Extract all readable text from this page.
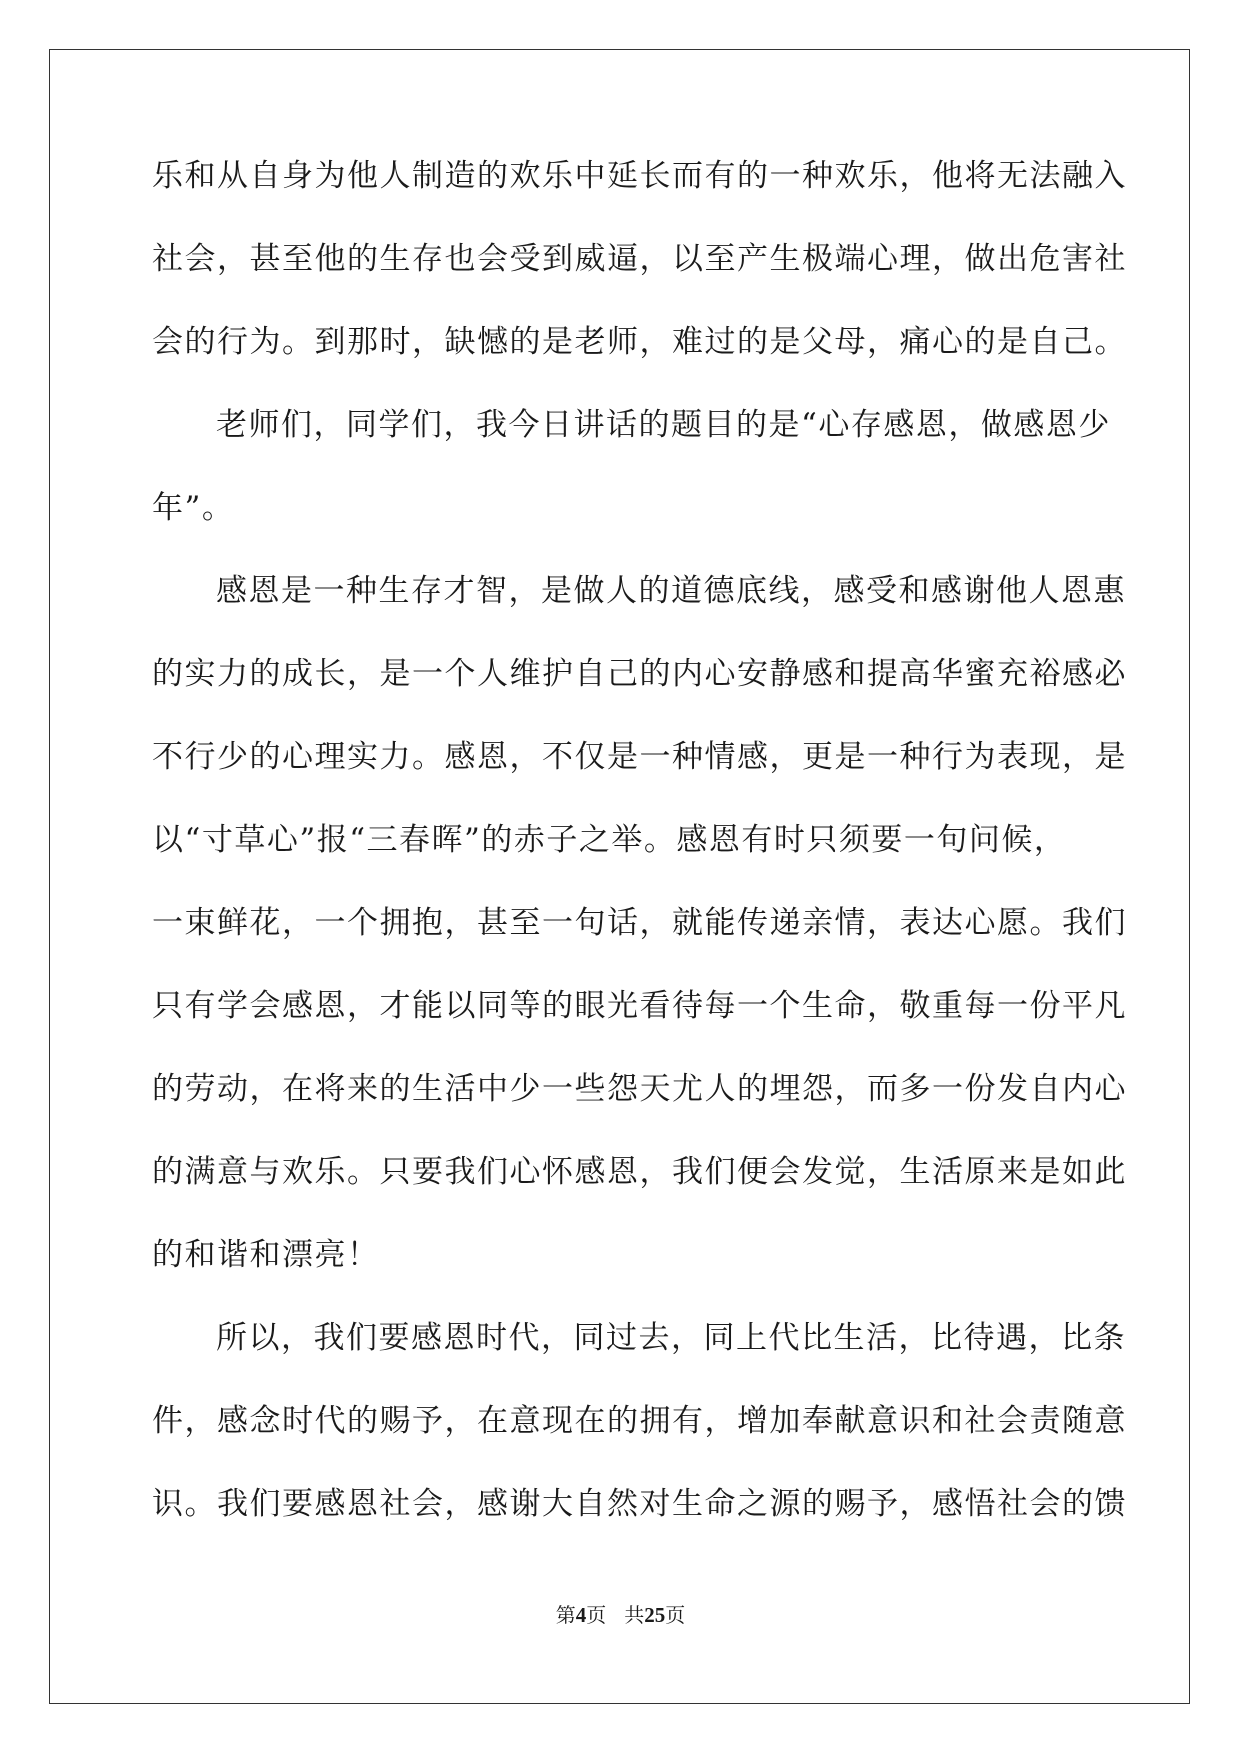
乐和从自身为他人制造的欢乐中延长而有的一种欢乐，他将无法融入
社会，甚至他的生存也会受到威逼，以至产生极端心理，做出危害社
会的行为。到那时，缺憾的是老师，难过的是父母，痛心的是自己。
老师们，同学们，我今日讲话的题目的是“心存感恩，做感恩少
年”。
感恩是一种生存才智，是做人的道德底线，感受和感谢他人恩惠
的实力的成长，是一个人维护自己的内心安静感和提高华蜜充裕感必
不行少的心理实力。感恩，不仅是一种情感，更是一种行为表现，是
以“寸草心”报“三春晖”的赤子之举。感恩有时只须要一句问候，
一束鲜花，一个拥抱，甚至一句话，就能传递亲情，表达心愿。我们
只有学会感恩，才能以同等的眼光看待每一个生命，敬重每一份平凡
的劳动，在将来的生活中少一些怨天尤人的埋怨，而多一份发自内心
的满意与欢乐。只要我们心怀感恩，我们便会发觉，生活原来是如此
的和谐和漂亮！
所以，我们要感恩时代，同过去，同上代比生活，比待遇，比条
件，感念时代的赐予，在意现在的拥有，增加奉献意识和社会责随意
识。我们要感恩社会，感谢大自然对生命之源的赐予，感悟社会的馈
第4页 共25页
